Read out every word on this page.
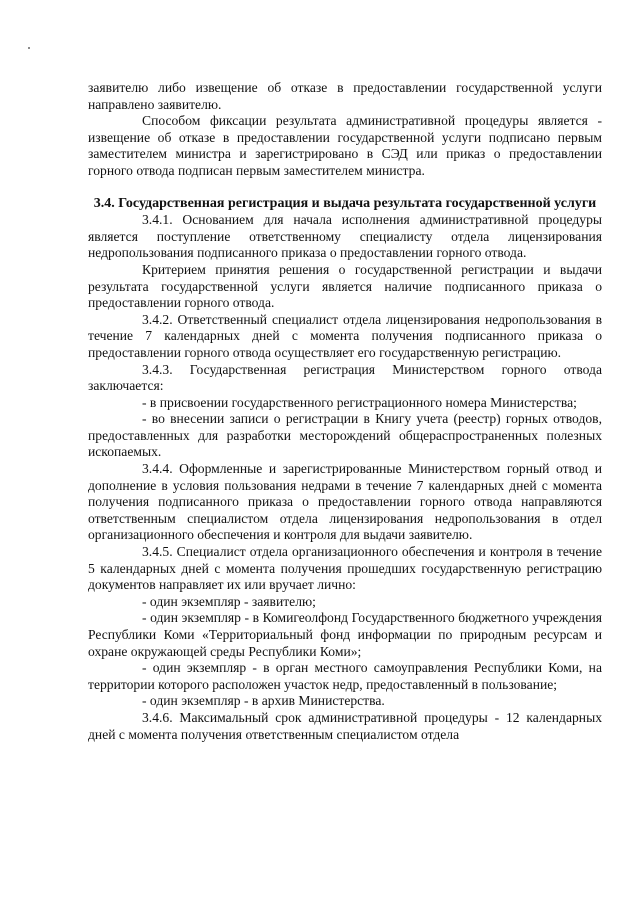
заявителю либо извещение об отказе в предоставлении государственной услуги направлено заявителю.

Способом фиксации результата административной процедуры является - извещение об отказе в предоставлении государственной услуги подписано первым заместителем министра и зарегистрировано в СЭД или приказ о предоставлении горного отвода подписан первым заместителем министра.

3.4. Государственная регистрация и выдача результата государственной услуги

3.4.1. Основанием для начала исполнения административной процедуры является поступление ответственному специалисту отдела лицензирования недропользования подписанного приказа о предоставлении горного отвода.

Критерием принятия решения о государственной регистрации и выдачи результата государственной услуги является наличие подписанного приказа о предоставлении горного отвода.

3.4.2. Ответственный специалист отдела лицензирования недропользования в течение 7 календарных дней с момента получения подписанного приказа о предоставлении горного отвода осуществляет его государственную регистрацию.

3.4.3. Государственная регистрация Министерством горного отвода заключается:

- в присвоении государственного регистрационного номера Министерства;

- во внесении записи о регистрации в Книгу учета (реестр) горных отводов, предоставленных для разработки месторождений общераспространенных полезных ископаемых.

3.4.4. Оформленные и зарегистрированные Министерством горный отвод и дополнение в условия пользования недрами в течение 7 календарных дней с момента получения подписанного приказа о предоставлении горного отвода направляются ответственным специалистом отдела лицензирования недропользования в отдел организационного обеспечения и контроля для выдачи заявителю.

3.4.5. Специалист отдела организационного обеспечения и контроля в течение 5 календарных дней с момента получения прошедших государственную регистрацию документов направляет их или вручает лично:

- один экземпляр - заявителю;

- один экземпляр - в Комигеолфонд Государственного бюджетного учреждения Республики Коми «Территориальный фонд информации по природным ресурсам и охране окружающей среды Республики Коми»;

- один экземпляр - в орган местного самоуправления Республики Коми, на территории которого расположен участок недр, предоставленный в пользование;

- один экземпляр - в архив Министерства.

3.4.6. Максимальный срок административной процедуры - 12 календарных дней с момента получения ответственным специалистом отдела
